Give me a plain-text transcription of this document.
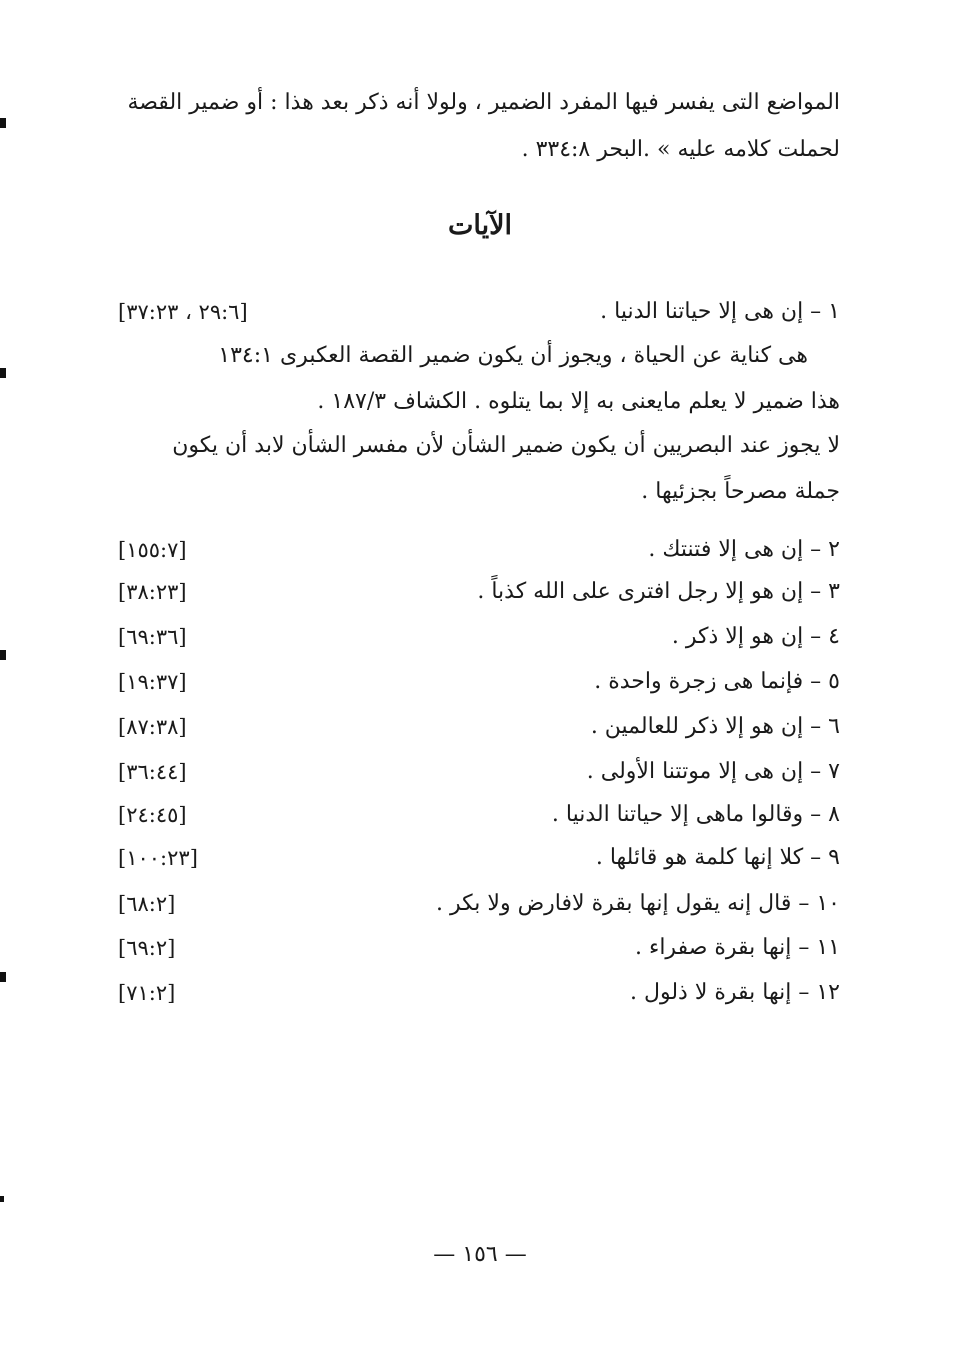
المواضع التى يفسر فيها المفرد الضمير ، ولولا أنه ذكر بعد هذا : أو ضمير القصة
لحملت كلامه عليه » .البحر ٣٣٤:٨ .
الآيات
١ – إن هى إلا حياتنا الدنيا .
[٢٩:٦ ، ٣٧:٢٣]
هى كناية عن الحياة ، ويجوز أن يكون ضمير القصة العكبرى ١٣٤:١
هذا ضمير لا يعلم مايعنى به إلا بما يتلوه . الكشاف ١٨٧/٣ .
لا يجوز عند البصريين أن يكون ضمير الشأن لأن مفسر الشأن لابد أن يكون
جملة مصرحاً بجزئيها .
٢ – إن هى إلا فتنتك .
[١٥٥:٧]
٣ – إن هو إلا رجل افترى على الله كذباً .
[٣٨:٢٣]
٤ – إن هو إلا ذكر .
[٦٩:٣٦]
٥ – فإنما هى زجرة واحدة .
[١٩:٣٧]
٦ – إن هو إلا ذكر للعالمين .
[٨٧:٣٨]
٧ – إن هى إلا موتتنا الأولى .
[٣٦:٤٤]
٨ – وقالوا ماهى إلا حياتنا الدنيا .
[٢٤:٤٥]
٩ – كلا إنها كلمة هو قائلها .
[١٠٠:٢٣]
١٠ – قال إنه يقول إنها بقرة لافارض ولا بكر .
[٦٨:٢]
١١ – إنها بقرة صفراء .
[٦٩:٢]
١٢ – إنها بقرة لا ذلول .
[٧١:٢]
— ١٥٦ —
